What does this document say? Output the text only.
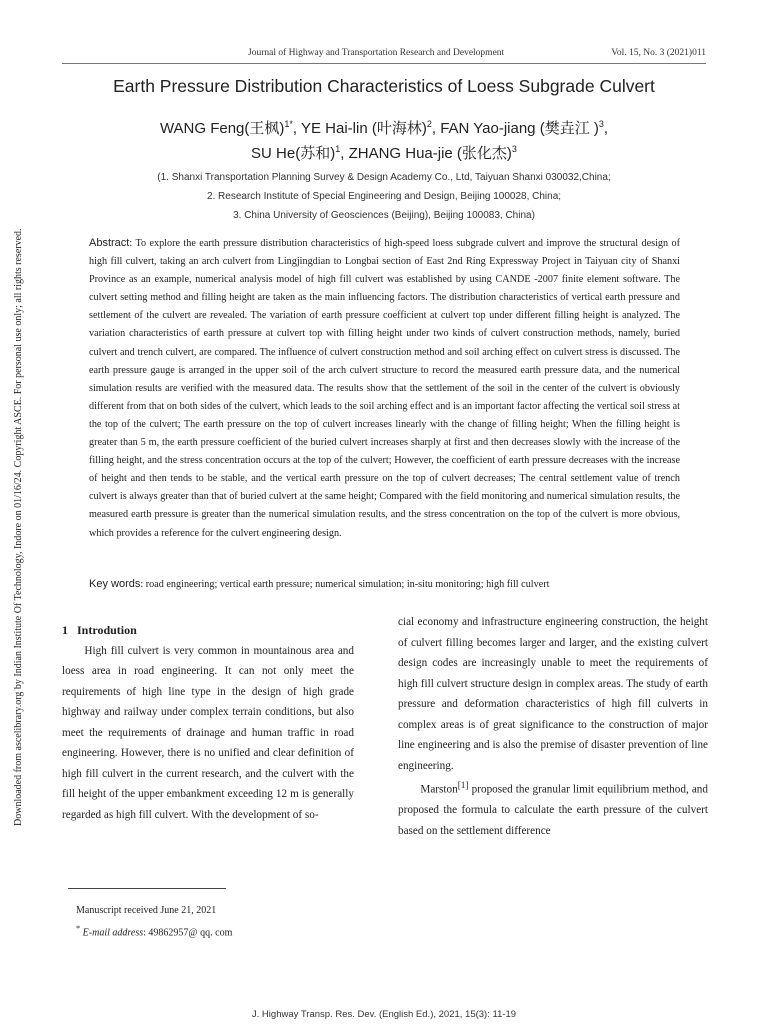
Downloaded from ascelibrary.org by Indian Institute Of Technology, Indore on 01/16/24. Copyright ASCE. For personal use only; all rights reserved.
Journal of Highway and Transportation Research and Development	Vol. 15, No. 3 (2021)011
Earth Pressure Distribution Characteristics of Loess Subgrade Culvert
WANG Feng(王枫)$^{1*}$, YE Hai-lin (叶海林)$^2$, FAN Yao-jiang (樊垚江 )$^3$,
SU He(苏和)$^1$, ZHANG Hua-jie (张化杰)$^3$
(1. Shanxi Transportation Planning Survey & Design Academy Co., Ltd, Taiyuan Shanxi 030032,China;
2. Research Institute of Special Engineering and Design, Beijing 100028, China;
3. China University of Geosciences (Beijing), Beijing 100083, China)
Abstract: To explore the earth pressure distribution characteristics of high-speed loess subgrade culvert and improve the structural design of high fill culvert, taking an arch culvert from Lingjingdian to Longbai section of East 2nd Ring Expressway Project in Taiyuan city of Shanxi Province as an example, numerical analysis model of high fill culvert was established by using CANDE -2007 finite element software. The culvert setting method and filling height are taken as the main influencing factors. The distribution characteristics of vertical earth pressure and settlement of the culvert are revealed. The variation of earth pressure coefficient at culvert top under different filling height is analyzed. The variation characteristics of earth pressure at culvert top with filling height under two kinds of culvert construction methods, namely, buried culvert and trench culvert, are compared. The influence of culvert construction method and soil arching effect on culvert stress is discussed. The earth pressure gauge is arranged in the upper soil of the arch culvert structure to record the measured earth pressure data, and the numerical simulation results are verified with the measured data. The results show that the settlement of the soil in the center of the culvert is obviously different from that on both sides of the culvert, which leads to the soil arching effect and is an important factor affecting the vertical soil stress at the top of the culvert; The earth pressure on the top of culvert increases linearly with the change of filling height; When the filling height is greater than 5 m, the earth pressure coefficient of the buried culvert increases sharply at first and then decreases slowly with the increase of the filling height, and the stress concentration occurs at the top of the culvert; However, the coefficient of earth pressure decreases with the increase of height and then tends to be stable, and the vertical earth pressure on the top of culvert decreases; The central settlement value of trench culvert is always greater than that of buried culvert at the same height; Compared with the field monitoring and numerical simulation results, the measured earth pressure is greater than the numerical simulation results, and the stress concentration on the top of the culvert is more obvious, which provides a reference for the culvert engineering design.
Key words: road engineering; vertical earth pressure; numerical simulation; in-situ monitoring; high fill culvert

1 Introdution

High fill culvert is very common in mountainous area and loess area in road engineering. It can not only meet the requirements of high line type in the design of high grade highway and railway under complex terrain conditions, but also meet the requirements of drainage and human traffic in road engineering. However, there is no unified and clear definition of high fill culvert in the current research, and the culvert with the fill height of the upper embankment exceeding 12 m is generally regarded as high fill culvert. With the development of so-

cial economy and infrastructure engineering construction, the height of culvert filling becomes larger and larger, and the existing culvert design codes are increasingly unable to meet the requirements of high fill culvert structure design in complex areas. The study of earth pressure and deformation characteristics of high fill culverts in complex areas is of great significance to the construction of major line engineering and is also the premise of disaster prevention of line engineering.

Marston[1] proposed the granular limit equilibrium method, and proposed the formula to calculate the earth pressure of the culvert based on the settlement difference

Manuscript received June 21, 2021
* E-mail address: 49862957@ qq. com
J. Highway Transp. Res. Dev. (English Ed.), 2021, 15(3): 11-19
